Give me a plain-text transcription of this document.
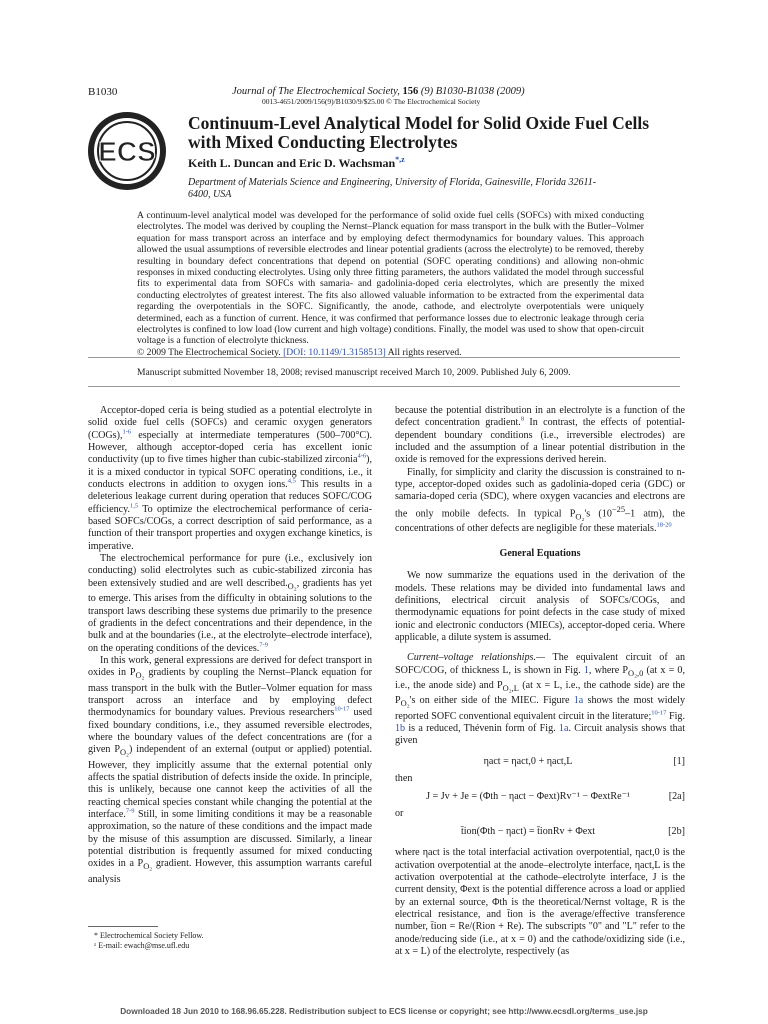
B1030	Journal of The Electrochemical Society, 156 (9) B1030-B1038 (2009)
0013-4651/2009/156(9)/B1030/9/$25.00 © The Electrochemical Society
ECS
Continuum-Level Analytical Model for Solid Oxide Fuel Cells with Mixed Conducting Electrolytes
Keith L. Duncan and Eric D. Wachsman$^{*,z}$
Department of Materials Science and Engineering, University of Florida, Gainesville, Florida 32611-6400, USA
A continuum-level analytical model was developed for the performance of solid oxide fuel cells (SOFCs) with mixed conducting electrolytes. The model was derived by coupling the Nernst–Planck equation for mass transport in the bulk with the Butler–Volmer equation for mass transport across an interface and by employing defect thermodynamics for boundary values. This approach allowed the usual assumptions of reversible electrodes and linear potential gradients (across the electrolyte) to be removed, thereby resulting in boundary defect concentrations that depend on potential (SOFC operating conditions) and allowing non-ohmic responses in mixed conducting electrolytes. Using only three fitting parameters, the authors validated the model through successful fits to experimental data from SOFCs with samaria- and gadolinia-doped ceria electrolytes, which are presently the mixed conducting electrolytes of greatest interest. The fits also allowed valuable information to be extracted from the experimental data regarding the overpotentials in the SOFC. Significantly, the anode, cathode, and electrolyte overpotentials were uniquely determined, each as a function of current. Hence, it was confirmed that performance losses due to electronic leakage through ceria electrolytes is confined to low load (low current and high voltage) conditions. Finally, the model was used to show that open-circuit voltage is a function of electrolyte thickness.
© 2009 The Electrochemical Society. [DOI: 10.1149/1.3158513] All rights reserved.
Manuscript submitted November 18, 2008; revised manuscript received March 10, 2009. Published July 6, 2009.

Acceptor-doped ceria is being studied as a potential electrolyte in solid oxide fuel cells (SOFCs) and ceramic oxygen generators (COGs),$^{1-6}$ especially at intermediate temperatures (500–700°C). However, although acceptor-doped ceria has excellent ionic conductivity (up to five times higher than cubic-stabilized zirconia$^{4-6}$), it is a mixed conductor in typical SOFC operating conditions, i.e., it conducts electrons in addition to oxygen ions.$^{4,5}$ This results in a deleterious leakage current during operation that reduces SOFC/COG efficiency.$^{1,5}$ To optimize the electrochemical performance of ceria-based SOFCs/COGs, a correct description of said performance, as a function of their transport properties and oxygen exchange kinetics, is imperative.

The electrochemical performance for pure (i.e., exclusively ion conducting) solid electrolytes such as cubic-stabilized zirconia has been extensively studied and are well $described._{O_2}$, gradients has yet to emerge. This arises from the difficulty in obtaining solutions to the transport laws describing these systems due primarily to the presence of gradients in the defect concentrations and their dependence, in the bulk and at the boundaries (i.e., at the electrolyte–electrode interface), on the operating conditions of the devices.$^{7-9}$

In this work, general expressions are derived for defect transport in oxides in $P_{O_2}$ gradients by coupling the Nernst–Planck equation for mass transport in the bulk with the Butler–Volmer equation for mass transport across an interface and by employing defect thermodynamics for boundary values. Previous researchers$^{10-17}$ used fixed boundary conditions, i.e., they assumed reversible electrodes, where the boundary values of the defect concentrations are (for a given $P_{O_2}$) independent of an external (output or applied) potential. However, they implicitly assume that the external potential only affects the spatial distribution of defects inside the oxide. In principle, this is unlikely, because one cannot keep the activities of all the reacting chemical species constant while changing the potential at the interface.$^{7-9}$ Still, in some limiting conditions it may be a reasonable approximation, so the nature of these conditions and the impact made by the misuse of this assumption are discussed. Similarly, a linear potential distribution is frequently assumed for mixed conducting oxides in a $P_{O_2}$ gradient. However, this assumption warrants careful analysis

because the potential distribution in an electrolyte is a function of the defect concentration gradient.$^8$ In contrast, the effects of potential-dependent boundary conditions (i.e., irreversible electrodes) are included and the assumption of a linear potential distribution in the oxide is removed for the expressions derived herein.

Finally, for simplicity and clarity the discussion is constrained to n-type, acceptor-doped oxides such as gadolinia-doped ceria (GDC) or samaria-doped ceria (SDC), where oxygen vacancies and electrons are the only mobile defects. In typical $P_{O_2}'s$ ($10^{-25}-1$ atm), the concentrations of other defects are negligible for these materials.$^{18-20}$

General Equations

We now summarize the equations used in the derivation of the models. These relations may be divided into fundamental laws and definitions, electrical circuit analysis of SOFCs/COGs, and thermodynamic equations for point defects in the case study of mixed ionic and electronic conductors (MIECs), acceptor-doped ceria. Where applicable, a dilute system is assumed.

Current–voltage relationships.— The equivalent circuit of an SOFC/COG, of thickness L, is shown in Fig. 1, where $P_{O_2,0}$ (at x = 0, i.e., the anode side) and $P_{O_2,L}$ (at x = L, i.e., the cathode side) are the $P_{O_2}'s$ on either side of the MIEC. Figure 1a shows the most widely reported SOFC conventional equivalent circuit in the literature;$^{10-17}$ Fig. 1b is a reduced, Thévenin form of Fig. 1a. Circuit analysis shows that given

ηact = ηact,0 + ηact,L	[1]

then

J = Jv + Je = (Φth − ηact − Φext)Rv⁻¹ − ΦextRe⁻¹	[2a]

or

t̄ion(Φth − ηact) = t̄ionRv + Φext	[2b]

where ηact is the total interfacial activation overpotential, ηact,0 is the activation overpotential at the anode–electrolyte interface, ηact,L is the activation overpotential at the cathode–electrolyte interface, J is the current density, Φext is the potential difference across a load or applied by an external source, Φth is the theoretical/Nernst voltage, R is the electrical resistance, and t̄ion is the average/effective transference number, t̄ion = Re/(Rion + Re). The subscripts "0" and "L" refer to the anode/reducing side (i.e., at x = 0) and the cathode/oxidizing side (i.e., at x = L) of the electrolyte, respectively (as

* Electrochemical Society Fellow.
ᶻ E-mail: ewach@mse.ufl.edu
Downloaded 18 Jun 2010 to 168.96.65.228. Redistribution subject to ECS license or copyright; see http://www.ecsdl.org/terms_use.jsp
